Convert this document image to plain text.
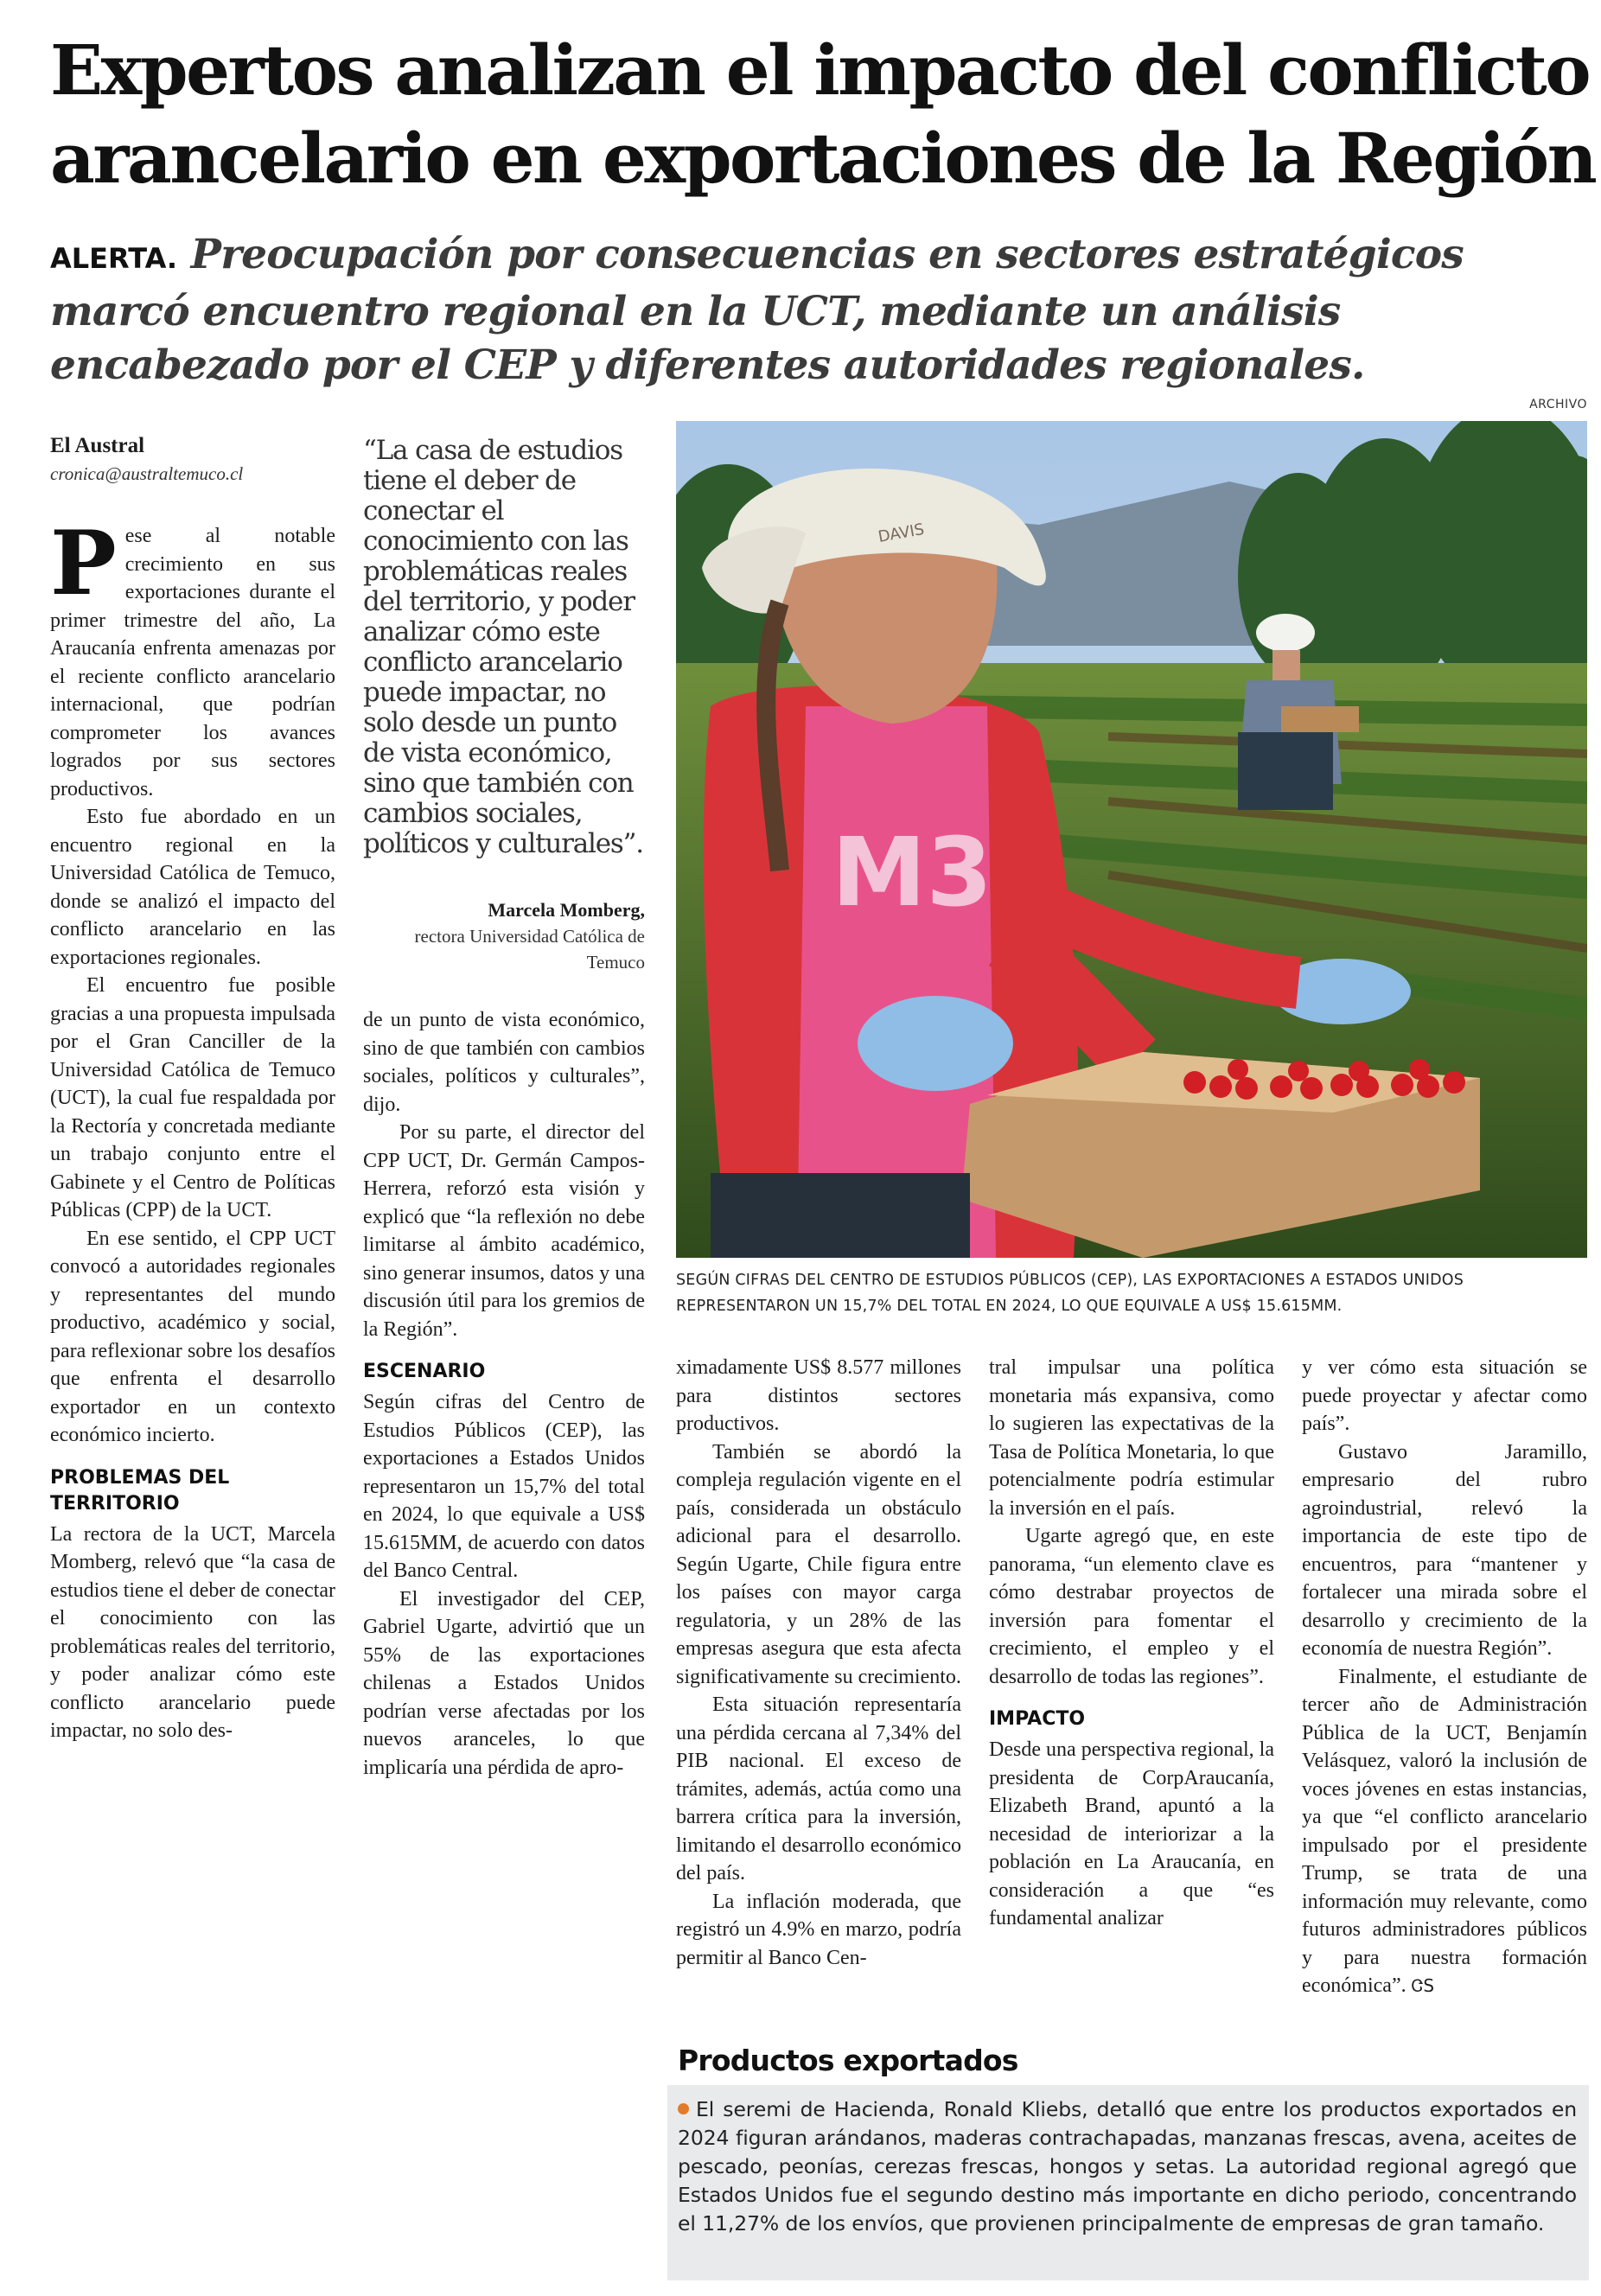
Expertos analizan el impacto del conflicto
arancelario en exportaciones de la Región

ALERTA. Preocupación por consecuencias en sectores estratégicos marcó encuentro regional en la UCT, mediante un análisis encabezado por el CEP y diferentes autoridades regionales.

ARCHIVO
El Austral
cronica@australtemuco.cl

Pese al notable crecimiento en sus exportaciones durante el primer trimestre del año, La Araucanía enfrenta amenazas por el reciente conflicto arancelario internacional, que podrían comprometer los avances logrados por sus sectores productivos.

Esto fue abordado en un encuentro regional en la Universidad Católica de Temuco, donde se analizó el impacto del conflicto arancelario en las exportaciones regionales.

El encuentro fue posible gracias a una propuesta impulsada por el Gran Canciller de la Universidad Católica de Temuco (UCT), la cual fue respaldada por la Rectoría y concretada mediante un trabajo conjunto entre el Gabinete y el Centro de Políticas Públicas (CPP) de la UCT.

En ese sentido, el CPP UCT convocó a autoridades regionales y representantes del mundo productivo, académico y social, para reflexionar sobre los desafíos que enfrenta el desarrollo exportador en un contexto económico incierto.

PROBLEMAS DEL TERRITORIO

La rectora de la UCT, Marcela Momberg, relevó que “la casa de estudios tiene el deber de conectar el conocimiento con las problemáticas reales del territorio, y poder analizar cómo este conflicto arancelario puede impactar, no solo des-

“La casa de estudios tiene el deber de conectar el conocimiento con las problemáticas reales del territorio, y poder analizar cómo este conflicto arancelario puede impactar, no solo desde un punto de vista económico, sino que también con cambios sociales, políticos y culturales”.
Marcela Momberg,
rectora Universidad Católica de Temuco

de un punto de vista económico, sino de que también con cambios sociales, políticos y culturales”, dijo.

Por su parte, el director del CPP UCT, Dr. Germán Campos-Herrera, reforzó esta visión y explicó que “la reflexión no debe limitarse al ámbito académico, sino generar insumos, datos y una discusión útil para los gremios de la Región”.

ESCENARIO

Según cifras del Centro de Estudios Públicos (CEP), las exportaciones a Estados Unidos representaron un 15,7% del total en 2024, lo que equivale a US$ 15.615MM, de acuerdo con datos del Banco Central.

El investigador del CEP, Gabriel Ugarte, advirtió que un 55% de las exportaciones chilenas a Estados Unidos podrían verse afectadas por los nuevos aranceles, lo que implicaría una pérdida de apro-

M3
DAVIS
SEGÚN CIFRAS DEL CENTRO DE ESTUDIOS PÚBLICOS (CEP), LAS EXPORTACIONES A ESTADOS UNIDOS REPRESENTARON UN 15,7% DEL TOTAL EN 2024, LO QUE EQUIVALE A US$ 15.615MM.

ximadamente US$ 8.577 millones para distintos sectores productivos.

También se abordó la compleja regulación vigente en el país, considerada un obstáculo adicional para el desarrollo. Según Ugarte, Chile figura entre los países con mayor carga regulatoria, y un 28% de las empresas asegura que esta afecta significativamente su crecimiento.

Esta situación representaría una pérdida cercana al 7,34% del PIB nacional. El exceso de trámites, además, actúa como una barrera crítica para la inversión, limitando el desarrollo económico del país.

La inflación moderada, que registró un 4.9% en marzo, podría permitir al Banco Cen-

tral impulsar una política monetaria más expansiva, como lo sugieren las expectativas de la Tasa de Política Monetaria, lo que potencialmente podría estimular la inversión en el país.

Ugarte agregó que, en este panorama, “un elemento clave es cómo destrabar proyectos de inversión para fomentar el crecimiento, el empleo y el desarrollo de todas las regiones”.

IMPACTO

Desde una perspectiva regional, la presidenta de CorpAraucanía, Elizabeth Brand, apuntó a la necesidad de interiorizar a la población en La Araucanía, en consideración a que “es fundamental analizar

y ver cómo esta situación se puede proyectar y afectar como país”.

Gustavo Jaramillo, empresario del rubro agroindustrial, relevó la importancia de este tipo de encuentros, para “mantener y fortalecer una mirada sobre el desarrollo y crecimiento de la economía de nuestra Región”.

Finalmente, el estudiante de tercer año de Administración Pública de la UCT, Benjamín Velásquez, valoró la inclusión de voces jóvenes en estas instancias, ya que “el conflicto arancelario impulsado por el presidente Trump, se trata de una información muy relevante, como futuros administradores públicos y para nuestra formación económica”. ᏣS

Productos exportados
El seremi de Hacienda, Ronald Kliebs, detalló que entre los productos exportados en 2024 figuran arándanos, maderas contrachapadas, manzanas frescas, avena, aceites de pescado, peonías, cerezas frescas, hongos y setas. La autoridad regional agregó que Estados Unidos fue el segundo destino más importante en dicho periodo, concentrando el 11,27% de los envíos, que provienen principalmente de empresas de gran tamaño.
